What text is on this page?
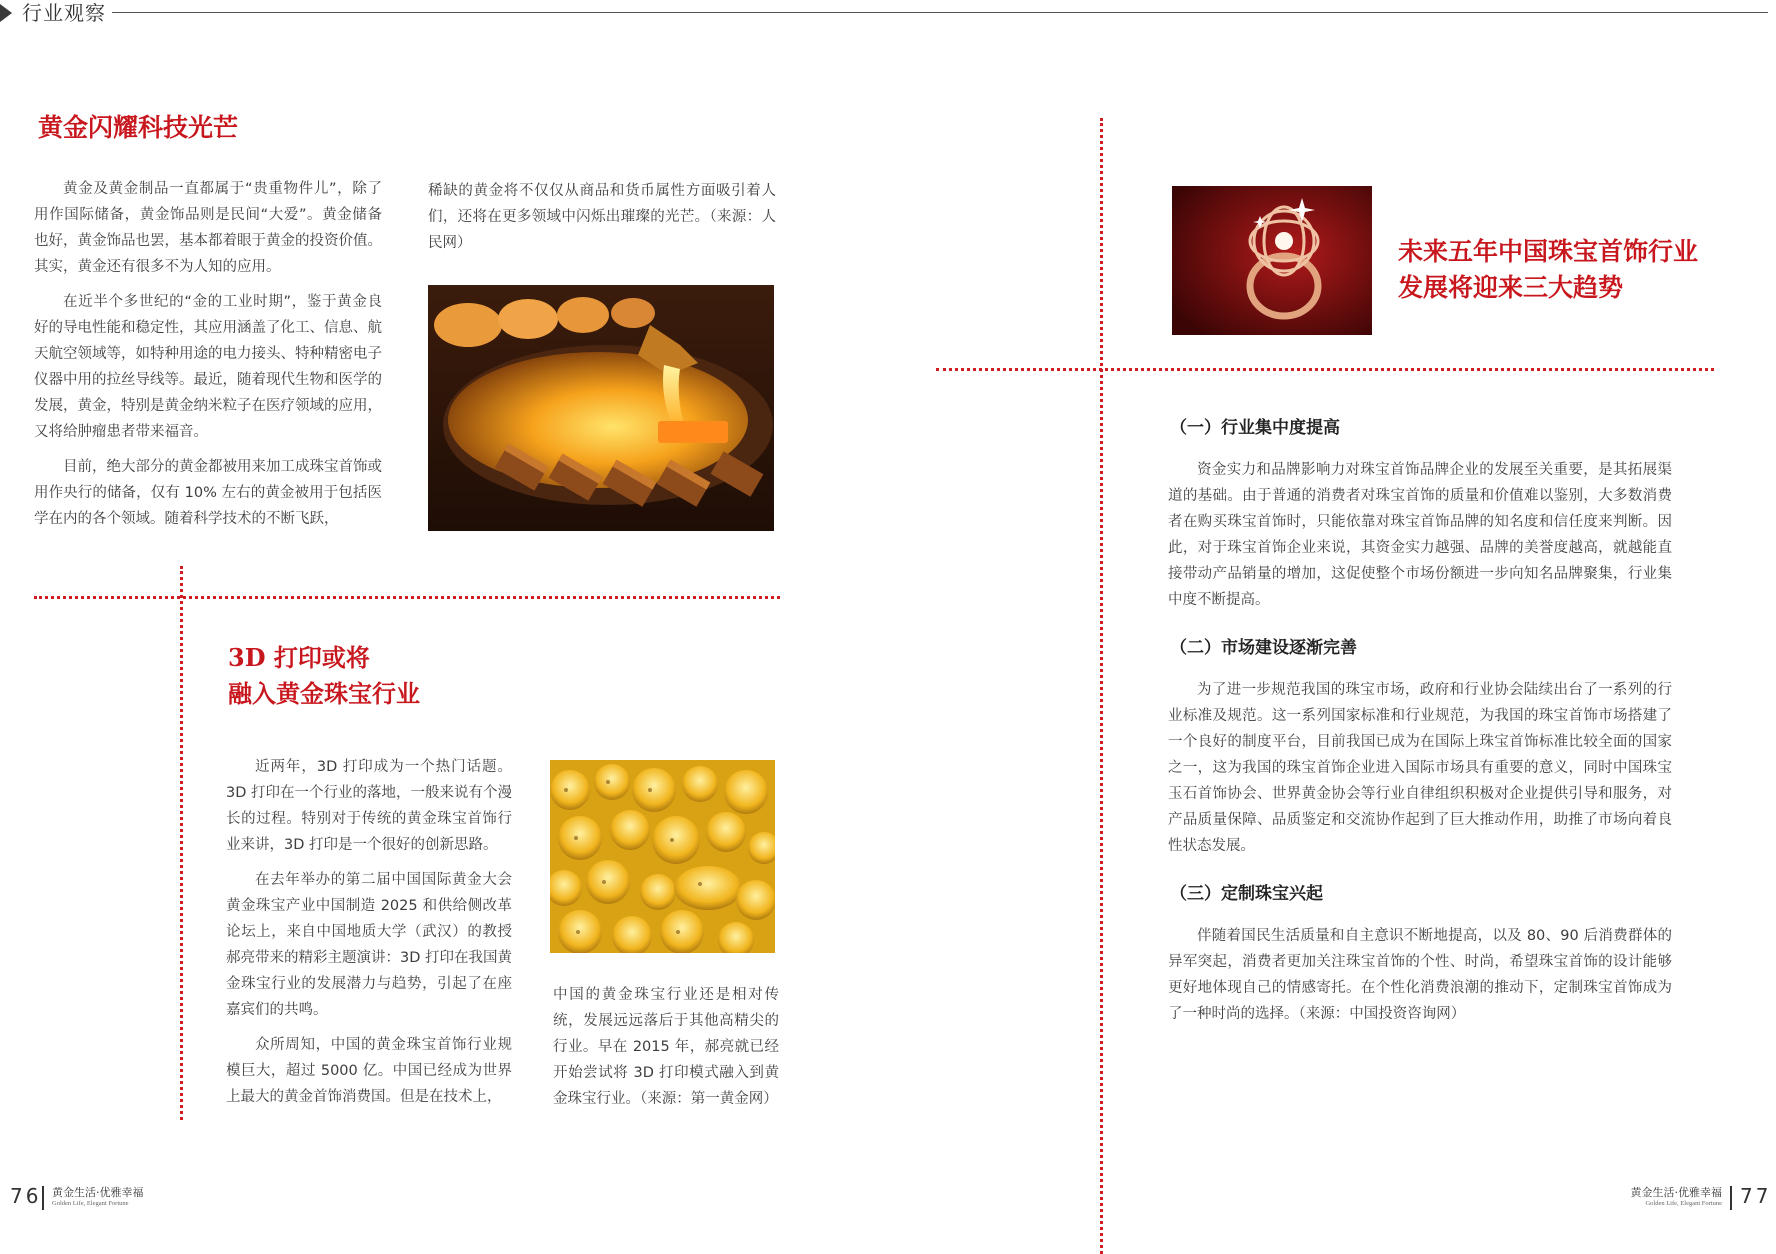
行业观察
黄金闪耀科技光芒

黄金及黄金制品一直都属于“贵重物件儿”，除了用作国际储备，黄金饰品则是民间“大爱”。黄金储备也好，黄金饰品也罢，基本都着眼于黄金的投资价值。其实，黄金还有很多不为人知的应用。

在近半个多世纪的“金的工业时期”，鉴于黄金良好的导电性能和稳定性，其应用涵盖了化工、信息、航天航空领域等，如特种用途的电力接头、特种精密电子仪器中用的拉丝导线等。最近，随着现代生物和医学的发展，黄金，特别是黄金纳米粒子在医疗领域的应用，又将给肿瘤患者带来福音。

目前，绝大部分的黄金都被用来加工成珠宝首饰或用作央行的储备，仅有 10% 左右的黄金被用于包括医学在内的各个领域。随着科学技术的不断飞跃，

稀缺的黄金将不仅仅从商品和货币属性方面吸引着人们，还将在更多领域中闪烁出璀璨的光芒。（来源：人民网）

3D 打印或将
融入黄金珠宝行业

近两年，3D 打印成为一个热门话题。3D 打印在一个行业的落地，一般来说有个漫长的过程。特别对于传统的黄金珠宝首饰行业来讲，3D 打印是一个很好的创新思路。

在去年举办的第二届中国国际黄金大会黄金珠宝产业中国制造 2025 和供给侧改革论坛上，来自中国地质大学（武汉）的教授郝亮带来的精彩主题演讲：3D 打印在我国黄金珠宝行业的发展潜力与趋势，引起了在座嘉宾们的共鸣。

众所周知，中国的黄金珠宝首饰行业规模巨大，超过 5000 亿。中国已经成为世界上最大的黄金首饰消费国。但是在技术上，

中国的黄金珠宝行业还是相对传统，发展远远落后于其他高精尖的行业。早在 2015 年，郝亮就已经开始尝试将 3D 打印模式融入到黄金珠宝行业。（来源：第一黄金网）

未来五年中国珠宝首饰行业
发展将迎来三大趋势
（一）行业集中度提高

资金实力和品牌影响力对珠宝首饰品牌企业的发展至关重要，是其拓展渠道的基础。由于普通的消费者对珠宝首饰的质量和价值难以鉴别，大多数消费者在购买珠宝首饰时，只能依靠对珠宝首饰品牌的知名度和信任度来判断。因此，对于珠宝首饰企业来说，其资金实力越强、品牌的美誉度越高，就越能直接带动产品销量的增加，这促使整个市场份额进一步向知名品牌聚集，行业集中度不断提高。

（二）市场建设逐渐完善

为了进一步规范我国的珠宝市场，政府和行业协会陆续出台了一系列的行业标准及规范。这一系列国家标准和行业规范，为我国的珠宝首饰市场搭建了一个良好的制度平台，目前我国已成为在国际上珠宝首饰标准比较全面的国家之一，这为我国的珠宝首饰企业进入国际市场具有重要的意义，同时中国珠宝玉石首饰协会、世界黄金协会等行业自律组织积极对企业提供引导和服务，对产品质量保障、品质鉴定和交流协作起到了巨大推动作用，助推了市场向着良性状态发展。

（三）定制珠宝兴起

伴随着国民生活质量和自主意识不断地提高，以及 80、90 后消费群体的异军突起，消费者更加关注珠宝首饰的个性、时尚，希望珠宝首饰的设计能够更好地体现自己的情感寄托。在个性化消费浪潮的推动下，定制珠宝首饰成为了一种时尚的选择。（来源：中国投资咨询网）

76 黄金生活·优雅幸福
Golden Life, Elegant Fortune
黄金生活·优雅幸福
Golden Life, Elegant Fortune 77
